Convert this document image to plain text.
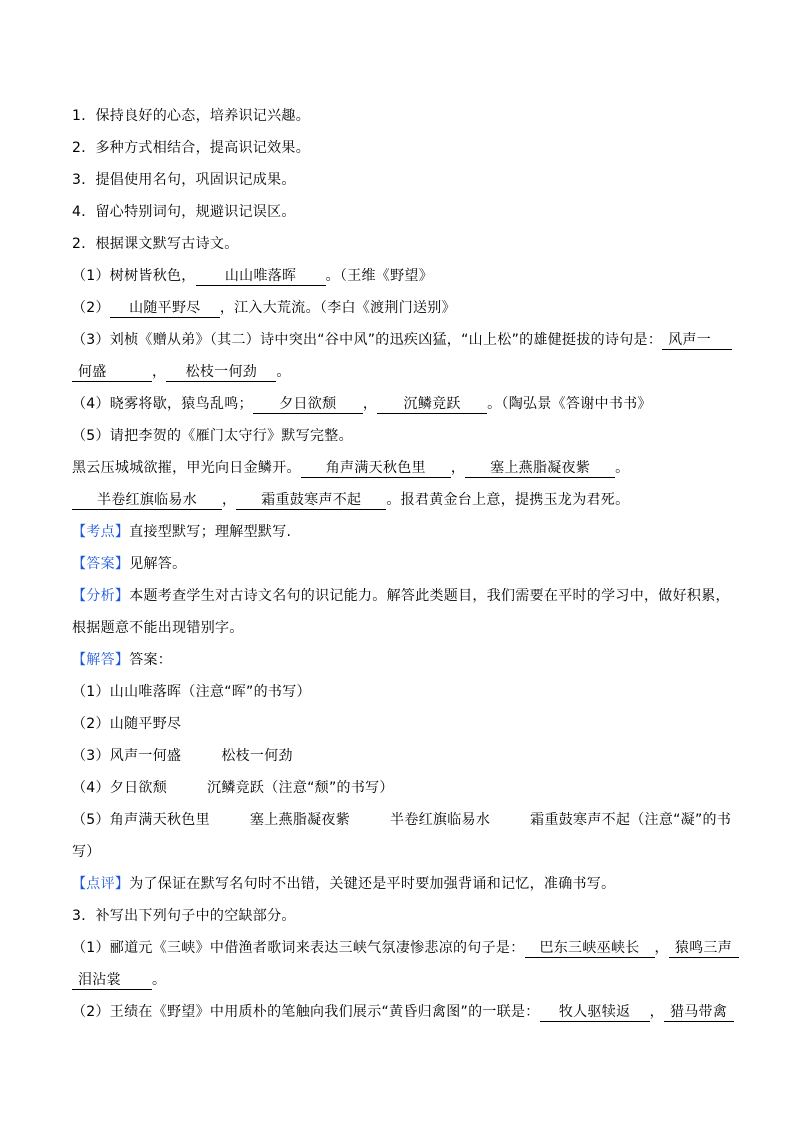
1．保持良好的心态，培养识记兴趣。
2．多种方式相结合，提高识记效果。
3．提倡使用名句，巩固识记成果。
4．留心特别词句，规避识记误区。
2．根据课文默写古诗文。
（1）树树皆秋色， 山山唯落晖 。（王维《野望》
（2） 山随平野尽 ，江入大荒流。（李白《渡荆门送别》
（3）刘桢《赠从弟》（其二）诗中突出“谷中风”的迅疾凶猛，“山上松”的雄健挺拔的诗句是： 风声一
何盛	， 松枝一何劲 。
（4）晓雾将歇，猿鸟乱鸣； 夕日欲颓 ， 沉鳞竞跃 。（陶弘景《答谢中书书》
（5）请把李贺的《雁门太守行》默写完整。
黑云压城城欲摧，甲光向日金鳞开。 角声满天秋色里 ， 塞上燕脂凝夜紫 。
半卷红旗临易水 ， 霜重鼓寒声不起 。报君黄金台上意，提携玉龙为君死。
【考点】直接型默写；理解型默写.
【答案】见解答。
【分析】本题考查学生对古诗文名句的识记能力。解答此类题目，我们需要在平时的学习中，做好积累，
根据题意不能出现错别字。
【解答】答案：
（1）山山唯落晖（注意“晖”的书写）
（2）山随平野尽
（3）风声一何盛	松枝一何劲
（4）夕日欲颓	沉鳞竞跃（注意“颓”的书写）
（5）角声满天秋色里	塞上燕脂凝夜紫	半卷红旗临易水	霜重鼓寒声不起（注意“凝”的书
写）
【点评】为了保证在默写名句时不出错，关键还是平时要加强背诵和记忆，准确书写。
3．补写出下列句子中的空缺部分。
（1）郦道元《三峡》中借渔者歌词来表达三峡气氛凄惨悲凉的句子是： 巴东三峡巫峡长 ， 猿鸣三声
泪沾裳 。
（2）王绩在《野望》中用质朴的笔触向我们展示“黄昏归禽图”的一联是： 牧人驱犊返 ， 猎马带禽
